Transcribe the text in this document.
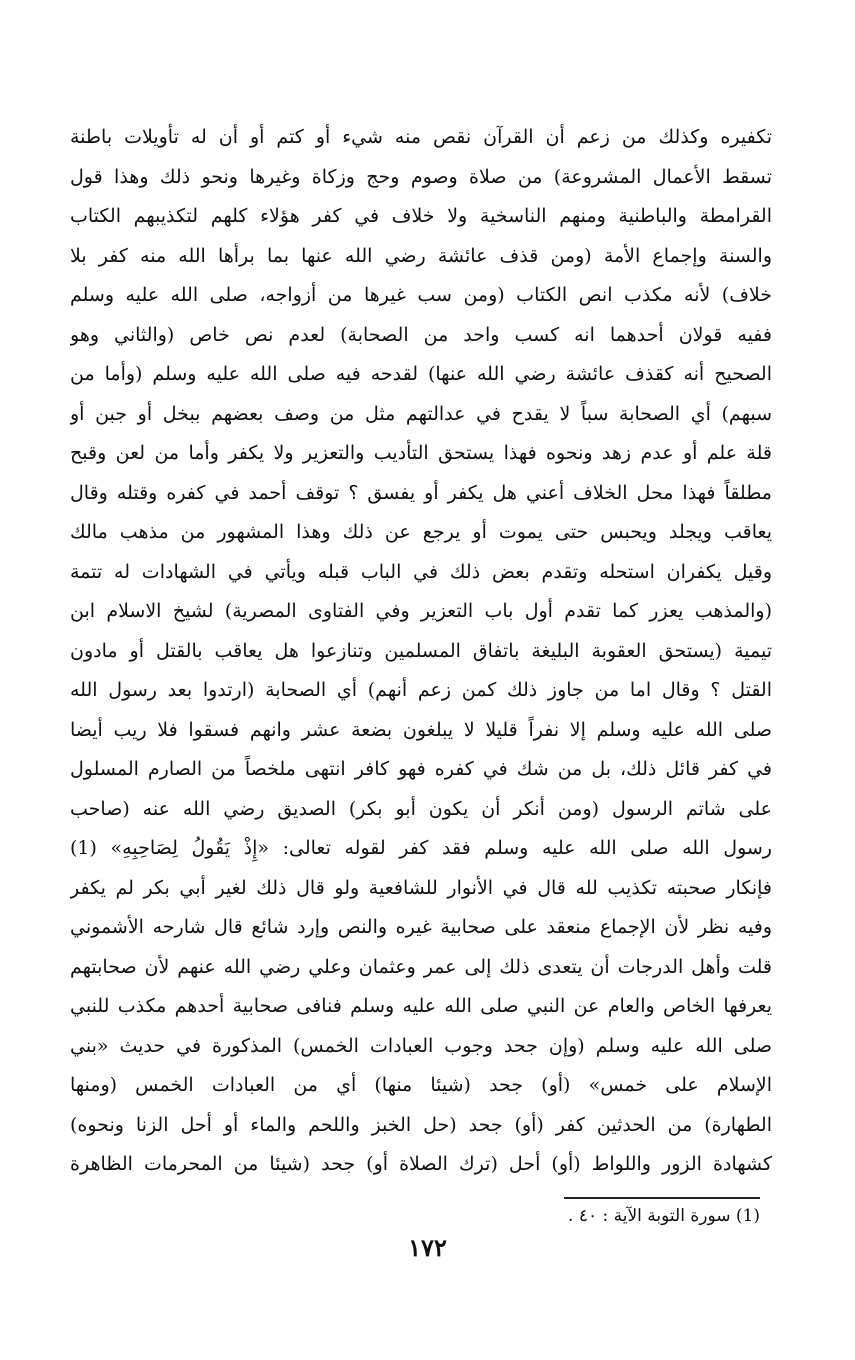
تكفيره وكذلك من زعم أن القرآن نقص منه شيء أو كتم أو أن له تأويلات باطنة
تسقط الأعمال المشروعة) من صلاة وصوم وحج وزكاة وغيرها ونحو ذلك وهذا قول
القرامطة والباطنية ومنهم الناسخية ولا خلاف في كفر هؤلاء كلهم لتكذيبهم الكتاب
والسنة وإجماع الأمة (ومن قذف عائشة رضي الله عنها بما برأها الله منه كفر بلا
خلاف) لأنه مكذب انص الكتاب (ومن سب غيرها من أزواجه، صلى الله عليه وسلم
ففيه قولان أحدهما انه كسب واحد من الصحابة) لعدم نص خاص (والثاني وهو
الصحيح أنه كقذف عائشة رضي الله عنها) لقدحه فيه صلى الله عليه وسلم (وأما من
سبهم) أي الصحابة سباً لا يقدح في عدالتهم مثل من وصف بعضهم ببخل أو جبن أو
قلة علم أو عدم زهد ونحوه فهذا يستحق التأديب والتعزير ولا يكفر وأما من لعن وقبح
مطلقاً فهذا محل الخلاف أعني هل يكفر أو يفسق ؟ توقف أحمد في كفره وقتله وقال
يعاقب ويجلد ويحبس حتى يموت أو يرجع عن ذلك وهذا المشهور من مذهب مالك
وقيل يكفران استحله وتقدم بعض ذلك في الباب قبله ويأتي في الشهادات له تتمة
(والمذهب يعزر كما تقدم أول باب التعزير وفي الفتاوى المصرية) لشيخ الاسلام ابن
تيمية (يستحق العقوبة البليغة باتفاق المسلمين وتنازعوا هل يعاقب بالقتل أو مادون
القتل ؟ وقال اما من جاوز ذلك كمن زعم أنهم) أي الصحابة (ارتدوا بعد رسول الله
صلى الله عليه وسلم إلا نفراً قليلا لا يبلغون بضعة عشر وانهم فسقوا فلا ريب أيضا
في كفر قائل ذلك، بل من شك في كفره فهو كافر انتهى ملخصاً من الصارم المسلول
على شاتم الرسول (ومن أنكر أن يكون أبو بكر) الصديق رضي الله عنه (صاحب
رسول الله صلى الله عليه وسلم فقد كفر لقوله تعالى: «إِذْ يَقُولُ لِصَاحِبِهِ» (1)
فإنكار صحبته تكذيب لله قال في الأنوار للشافعية ولو قال ذلك لغير أبي بكر لم يكفر
وفيه نظر لأن الإجماع منعقد على صحابية غيره والنص وإرد شائع قال شارحه الأشموني
قلت وأهل الدرجات أن يتعدى ذلك إلى عمر وعثمان وعلي رضي الله عنهم لأن صحابتهم
يعرفها الخاص والعام عن النبي صلى الله عليه وسلم فنافى صحابية أحدهم مكذب للنبي
صلى الله عليه وسلم (وإن جحد وجوب العبادات الخمس) المذكورة في حديث «بني
الإسلام على خمس» (أو) جحد (شيئا منها) أي من العبادات الخمس (ومنها
الطهارة) من الحدثين كفر (أو) جحد (حل الخبز واللحم والماء أو أحل الزنا ونحوه)
كشهادة الزور واللواط (أو) أحل (ترك الصلاة أو) جحد (شيئا من المحرمات الظاهرة
(1) سورة التوبة الآية : ٤٠ .
١٧٢
